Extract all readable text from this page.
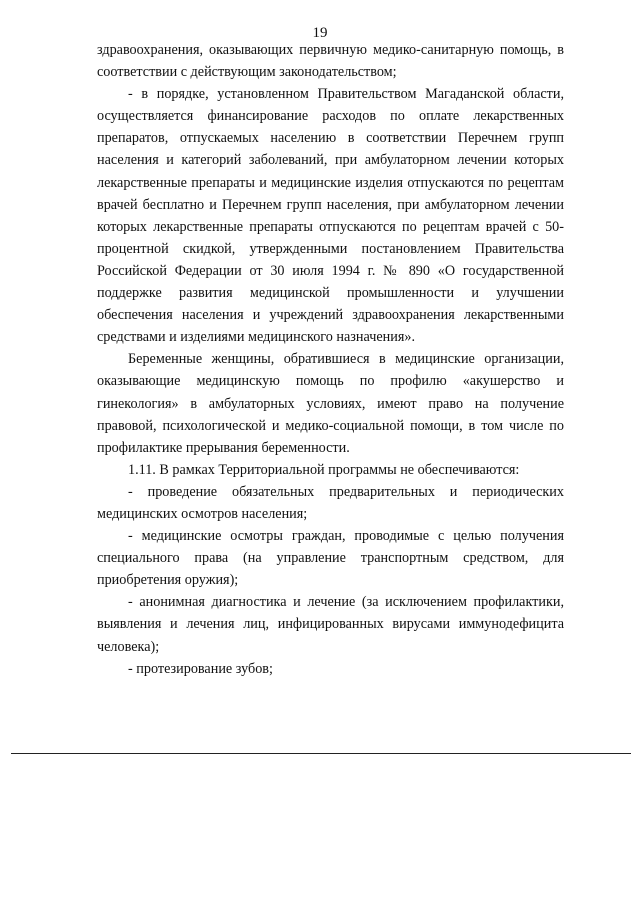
19

здравоохранения, оказывающих первичную медико-санитарную помощь, в соответствии с действующим законодательством;

- в порядке, установленном Правительством Магаданской области, осуществляется финансирование расходов по оплате лекарственных препаратов, отпускаемых населению в соответствии Перечнем групп населения и категорий заболеваний, при амбулаторном лечении которых лекарственные препараты и медицинские изделия отпускаются по рецептам врачей бесплатно и Перечнем групп населения, при амбулаторном лечении которых лекарственные препараты отпускаются по рецептам врачей с 50-процентной скидкой, утвержденными постановлением Правительства Российской Федерации от 30 июля 1994 г. № 890 «О государственной поддержке развития медицинской промышленности и улучшении обеспечения населения и учреждений здравоохранения лекарственными средствами и изделиями медицинского назначения».

Беременные женщины, обратившиеся в медицинские организации, оказывающие медицинскую помощь по профилю «акушерство и гинекология» в амбулаторных условиях, имеют право на получение правовой, психологической и медико-социальной помощи, в том числе по профилактике прерывания беременности.

1.11. В рамках Территориальной программы не обеспечиваются:

- проведение обязательных предварительных и периодических медицинских осмотров населения;

- медицинские осмотры граждан, проводимые с целью получения специального права (на управление транспортным средством, для приобретения оружия);

- анонимная диагностика и лечение (за исключением профилактики, выявления и лечения лиц, инфицированных вирусами иммунодефицита человека);

- протезирование зубов;
